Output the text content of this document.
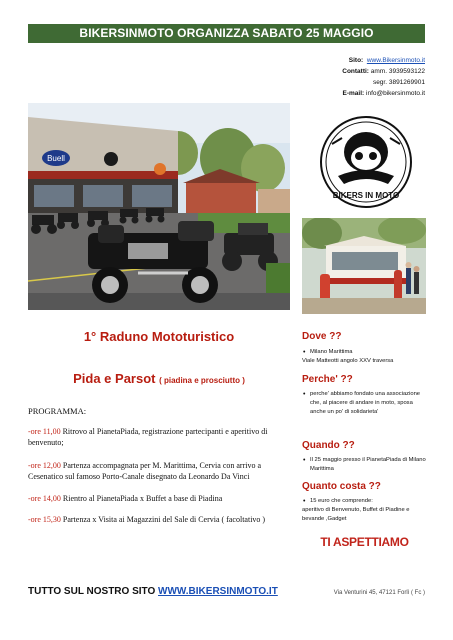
BIKERSINMOTO ORGANIZZA SABATO 25 MAGGIO
Sito: www.Bikersinmoto.it
Contatti: amm. 3939593122
segr. 3891269901
E-mail: info@bikersinmoto.it
Buell
BIKERS IN MOTO
1° Raduno Mototuristico
Pida e Parsot ( piadina e prosciutto )
PROGRAMMA:
-ore 11,00 Ritrovo al PianetaPiada, registrazione partecipanti e aperitivo di benvenuto;
-ore 12,00 Partenza accompagnata per M. Marittima, Cervia con arrivo a Cesenatico sul famoso Porto-Canale disegnato da Leonardo Da Vinci
-ore 14,00 Rientro al PianetaPiada x Buffet a base di Piadina
-ore 15,30 Partenza x Visita ai Magazzini del Sale di Cervia ( facoltativo )
Dove ??
• Milano Marittima
Viale Matteotti angolo XXV traversa
Perche' ??
• perche' abbiamo fondato una associazione che, al piacere di andare in moto, sposa anche un po' di solidarieta'
Quando ??
• Il 25 maggio presso il PianetaPiada di Milano Marittima
Quanto costa ??
• 15 euro che comprende:
aperitivo di Benvenuto, Buffet di Piadine e bevande ,Gadget
TI ASPETTIAMO
TUTTO SUL NOSTRO SITO WWW.BIKERSINMOTO.IT	Via Venturini 45, 47121 Forlì ( Fc )
